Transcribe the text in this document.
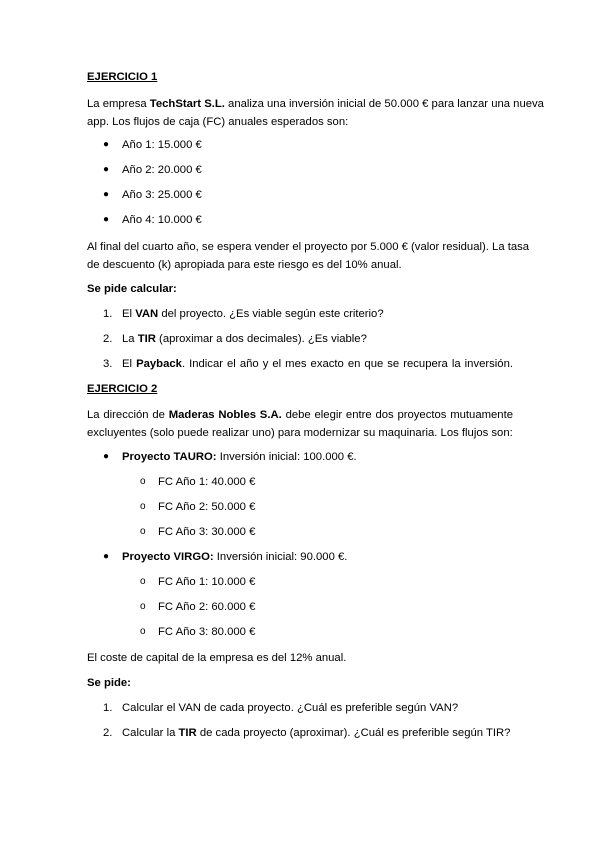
EJERCICIO 1
La empresa TechStart S.L. analiza una inversión inicial de 50.000 € para lanzar una nueva
app. Los flujos de caja (FC) anuales esperados son:
● Año 1: 15.000 €
● Año 2: 20.000 €
● Año 3: 25.000 €
● Año 4: 10.000 €
Al final del cuarto año, se espera vender el proyecto por 5.000 € (valor residual). La tasa
de descuento (k) apropiada para este riesgo es del 10% anual.
Se pide calcular:
1. El VAN del proyecto. ¿Es viable según este criterio?
2. La TIR (aproximar a dos decimales). ¿Es viable?
3. El Payback. Indicar el año y el mes exacto en que se recupera la inversión.
EJERCICIO 2
La dirección de Maderas Nobles S.A. debe elegir entre dos proyectos mutuamente
excluyentes (solo puede realizar uno) para modernizar su maquinaria. Los flujos son:
● Proyecto TAURO: Inversión inicial: 100.000 €.
o FC Año 1: 40.000 €
o FC Año 2: 50.000 €
o FC Año 3: 30.000 €
● Proyecto VIRGO: Inversión inicial: 90.000 €.
o FC Año 1: 10.000 €
o FC Año 2: 60.000 €
o FC Año 3: 80.000 €
El coste de capital de la empresa es del 12% anual.
Se pide:
1. Calcular el VAN de cada proyecto. ¿Cuál es preferible según VAN?
2. Calcular la TIR de cada proyecto (aproximar). ¿Cuál es preferible según TIR?
